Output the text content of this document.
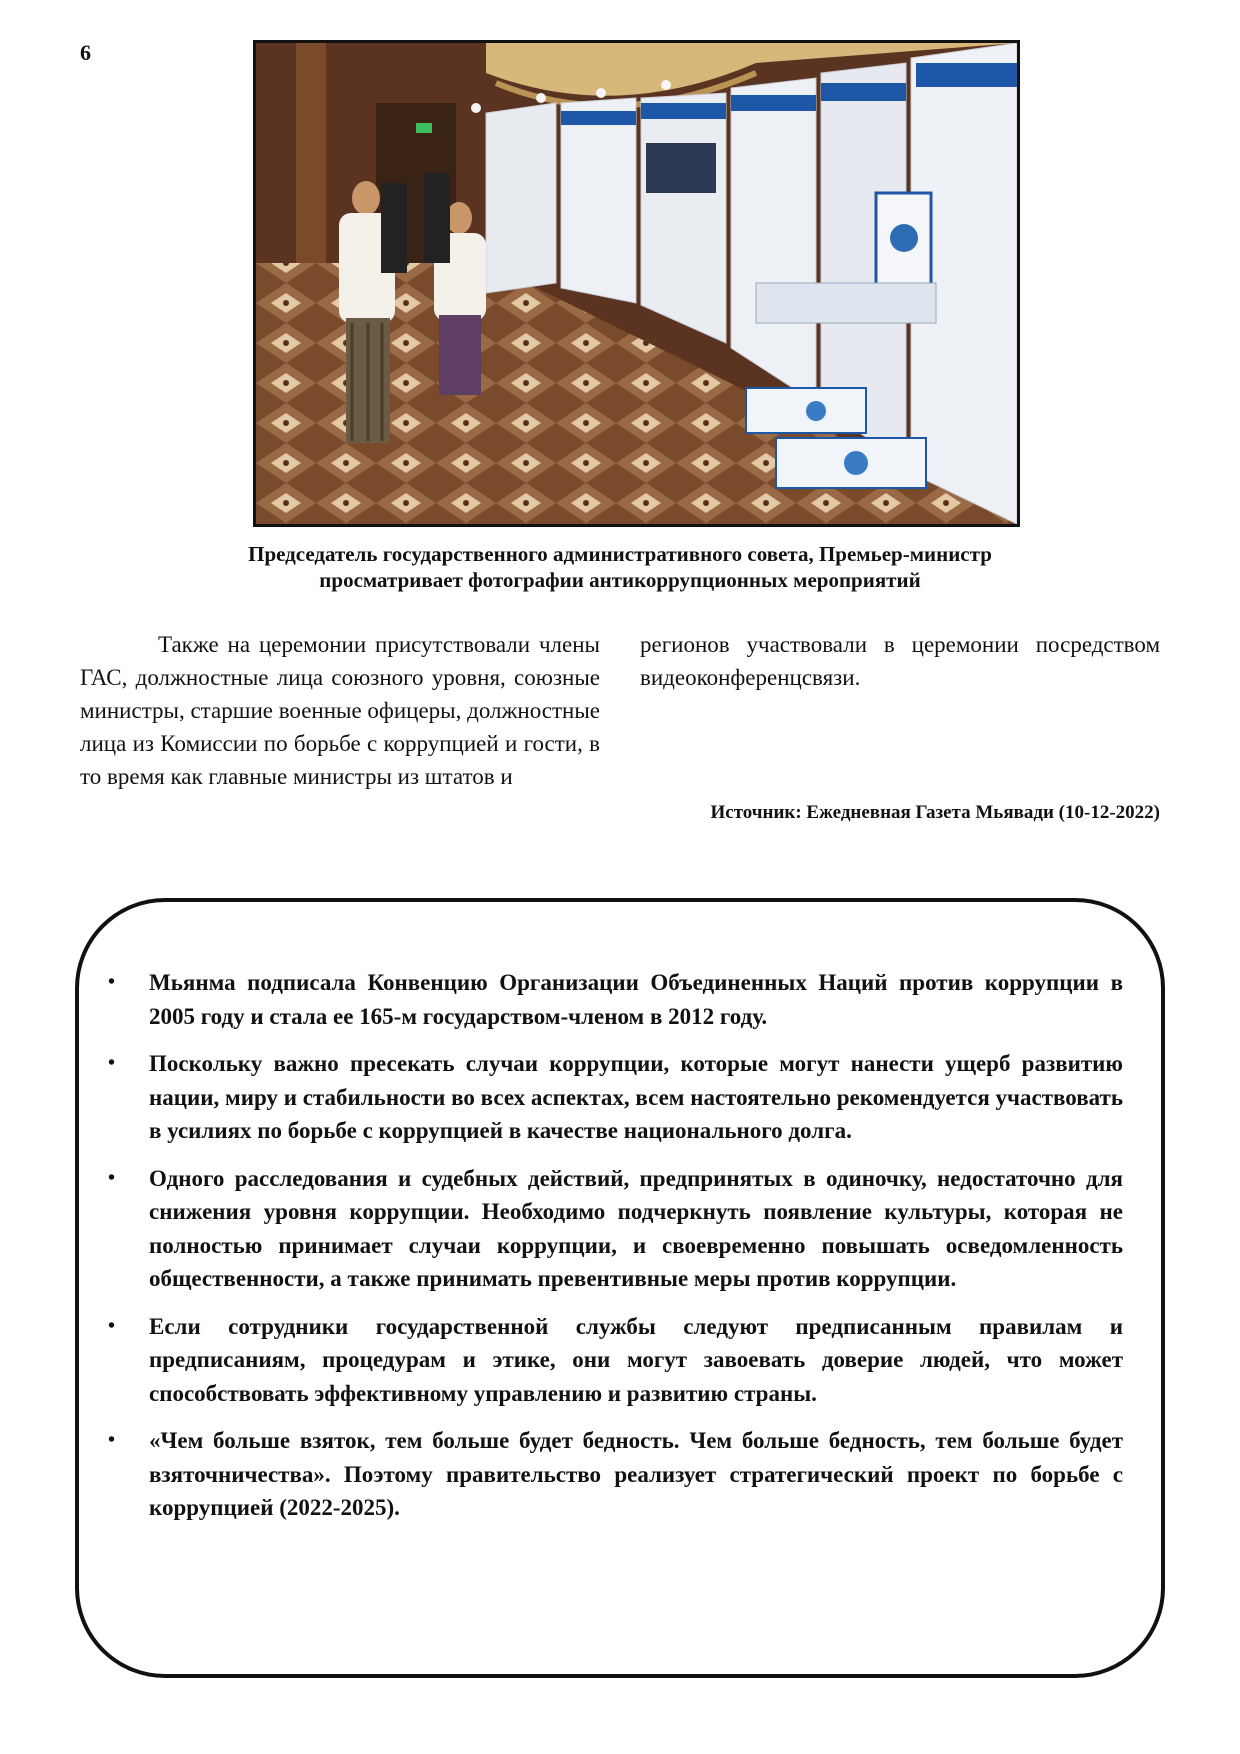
6
Председатель государственного административного совета, Премьер-министр
просматривает фотографии антикоррупционных мероприятий
Также на церемонии присутствовали члены ГАС, должностные лица союзного уровня, союзные министры, старшие военные офицеры, должностные лица из Комиссии по борьбе с коррупцией и гости, в то время как главные министры из штатов и
регионов участвовали в церемонии посредством видеоконференцсвязи.
Источник: Ежедневная Газета Мьявади (10-12-2022)
• Мьянма подписала Конвенцию Организации Объединенных Наций против коррупции в 2005 году и стала ее 165-м государством-членом в 2012 году.
• Поскольку важно пресекать случаи коррупции, которые могут нанести ущерб развитию нации, миру и стабильности во всех аспектах, всем настоятельно рекомендуется участвовать в усилиях по борьбе с коррупцией в качестве национального долга.
• Одного расследования и судебных действий, предпринятых в одиночку, недостаточно для снижения уровня коррупции. Необходимо подчеркнуть появление культуры, которая не полностью принимает случаи коррупции, и своевременно повышать осведомленность общественности, а также принимать превентивные меры против коррупции.
• Если сотрудники государственной службы следуют предписанным правилам и предписаниям, процедурам и этике, они могут завоевать доверие людей, что может способствовать эффективному управлению и развитию страны.
• «Чем больше взяток, тем больше будет бедность. Чем больше бедность, тем больше будет взяточничества». Поэтому правительство реализует стратегический проект по борьбе с коррупцией (2022-2025).
